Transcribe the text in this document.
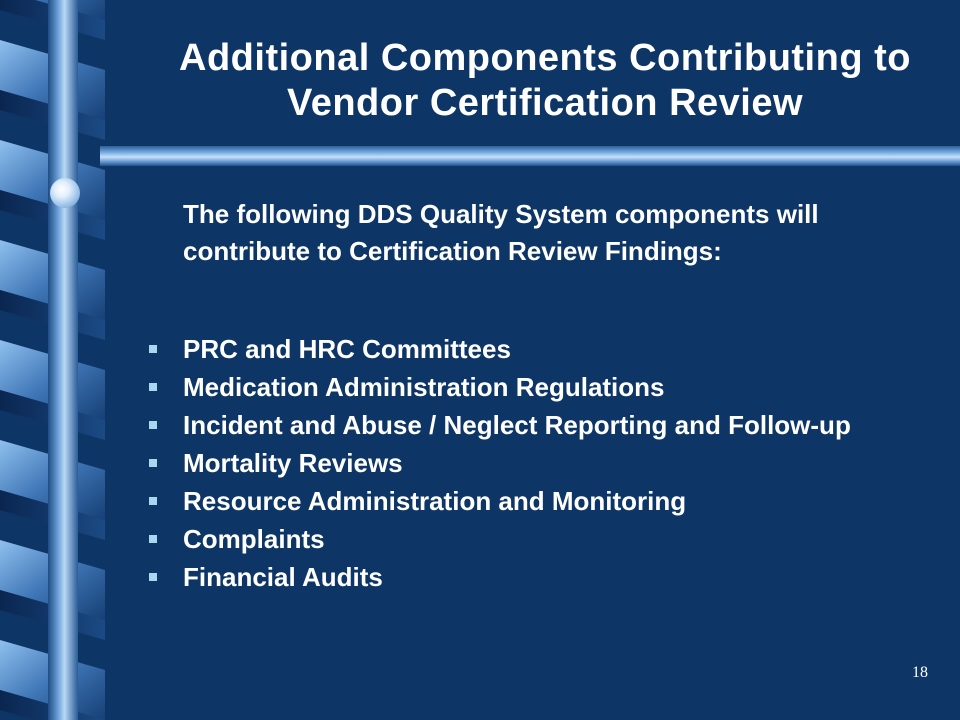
Additional Components Contributing to Vendor Certification Review

The following DDS Quality System components will contribute to Certification Review Findings:

PRC and HRC Committees
Medication Administration Regulations
Incident and Abuse / Neglect Reporting and Follow-up
Mortality Reviews
Resource Administration and Monitoring
Complaints
Financial Audits
18
